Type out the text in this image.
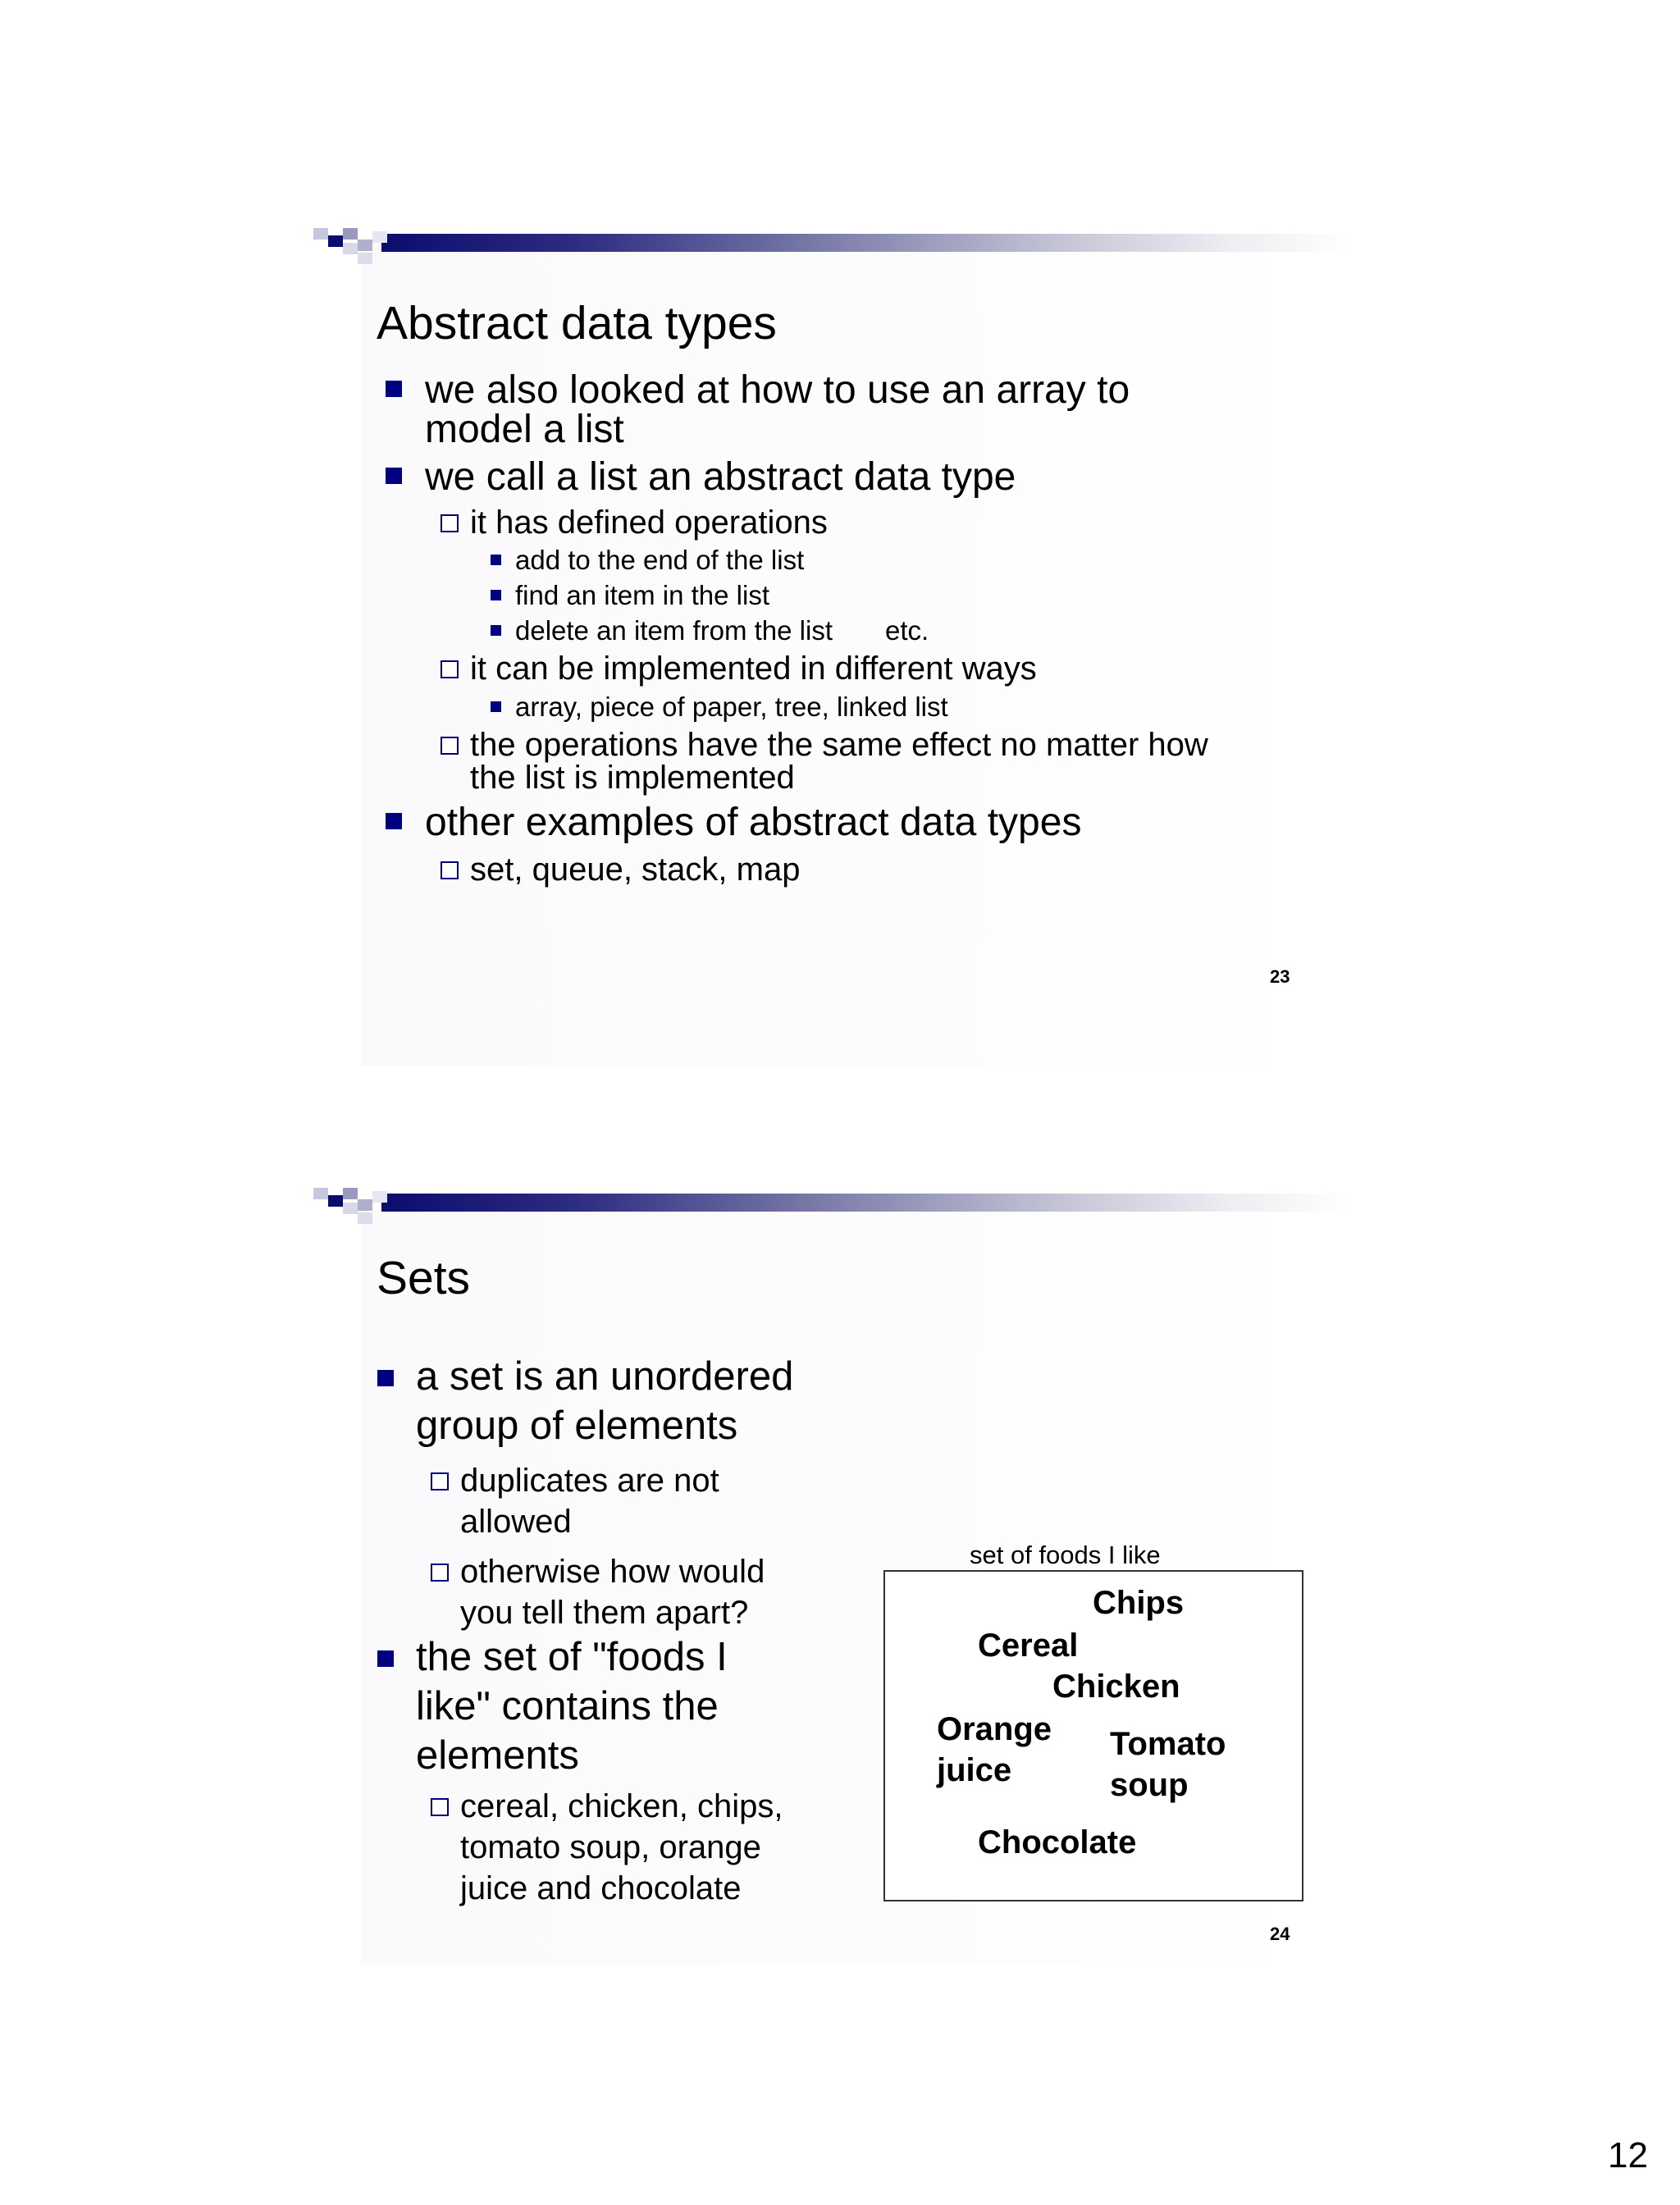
Abstract data types
we also looked at how to use an array to
model a list
we call a list an abstract data type
it has defined operations
add to the end of the list
find an item in the list
delete an item from the list etc.
it can be implemented in different ways
array, piece of paper, tree, linked list
the operations have the same effect no matter how
the list is implemented
other examples of abstract data types
set, queue, stack, map
23
Sets
a set is an unordered group of elements
duplicates are not allowed
otherwise how would you tell them apart?
the set of "foods I like" contains the elements
cereal, chicken, chips, tomato soup, orange juice and chocolate
set of foods I like
Chips
Cereal
Chicken
Orange
juice
Tomato
soup
Chocolate
24
12
